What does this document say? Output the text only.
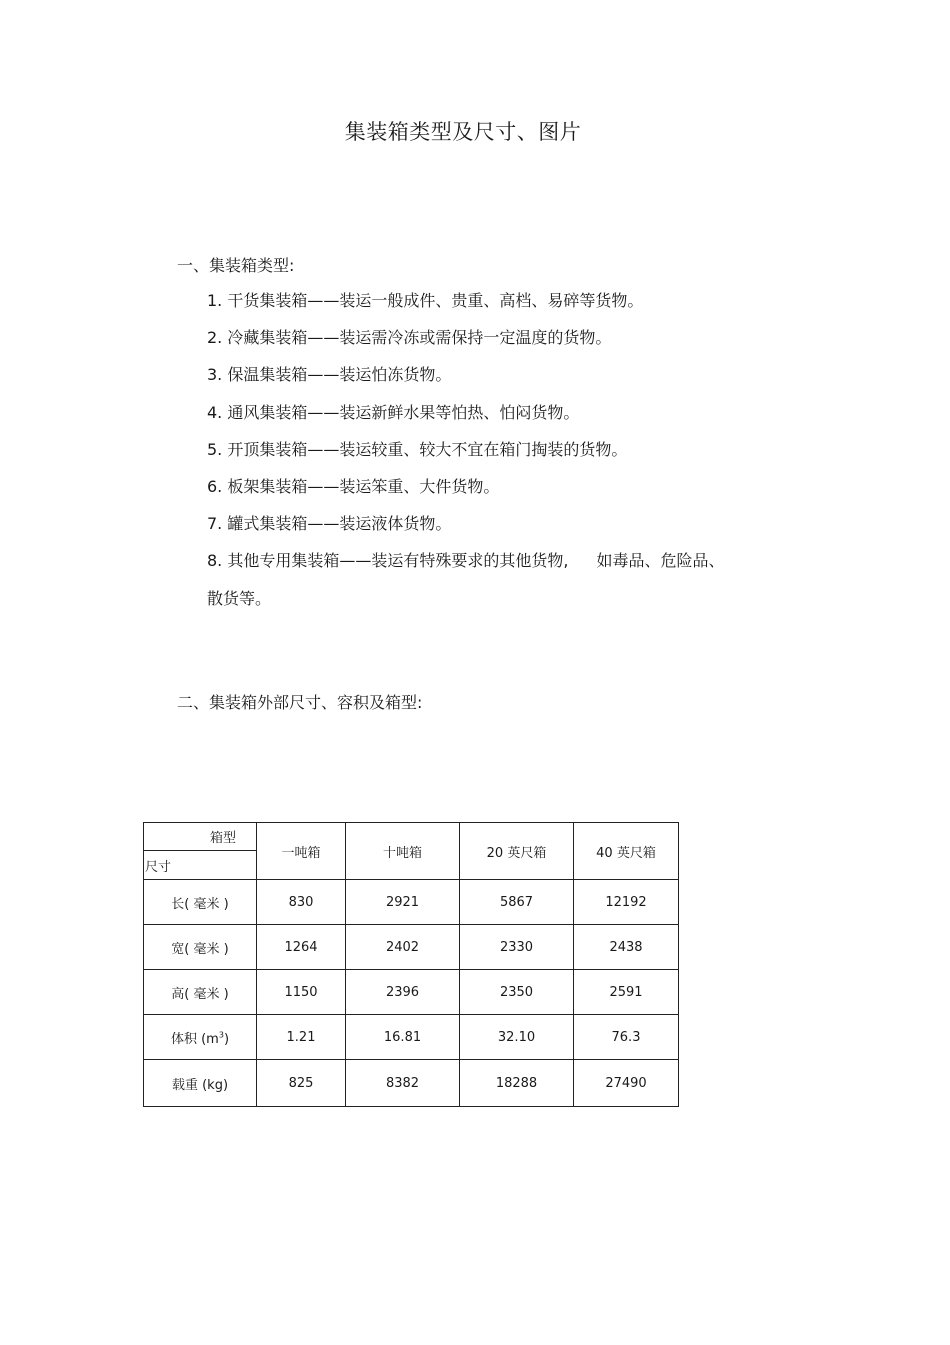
集装箱类型及尺寸、图片
一、集装箱类型:
1. 干货集装箱——装运一般成件、贵重、高档、易碎等货物。
2. 冷藏集装箱——装运需冷冻或需保持一定温度的货物。
3. 保温集装箱——装运怕冻货物。
4. 通风集装箱——装运新鲜水果等怕热、怕闷货物。
5. 开顶集装箱——装运较重、较大不宜在箱门掏装的货物。
6. 板架集装箱——装运笨重、大件货物。
7. 罐式集装箱——装运液体货物。
8. 其他专用集装箱——装运有特殊要求的其他货物, 如毒品、危险品、
散货等。
二、集装箱外部尺寸、容积及箱型:
箱型
尺寸	一吨箱	十吨箱	20 英尺箱	40 英尺箱
长( 毫米 )	830	2921	5867	12192
宽( 毫米 )	1264	2402	2330	2438
高( 毫米 )	1150	2396	2350	2591
体积 $(m^3)$	1.21	16.81	32.10	76.3
载重 (kg)	825	8382	18288	27490
